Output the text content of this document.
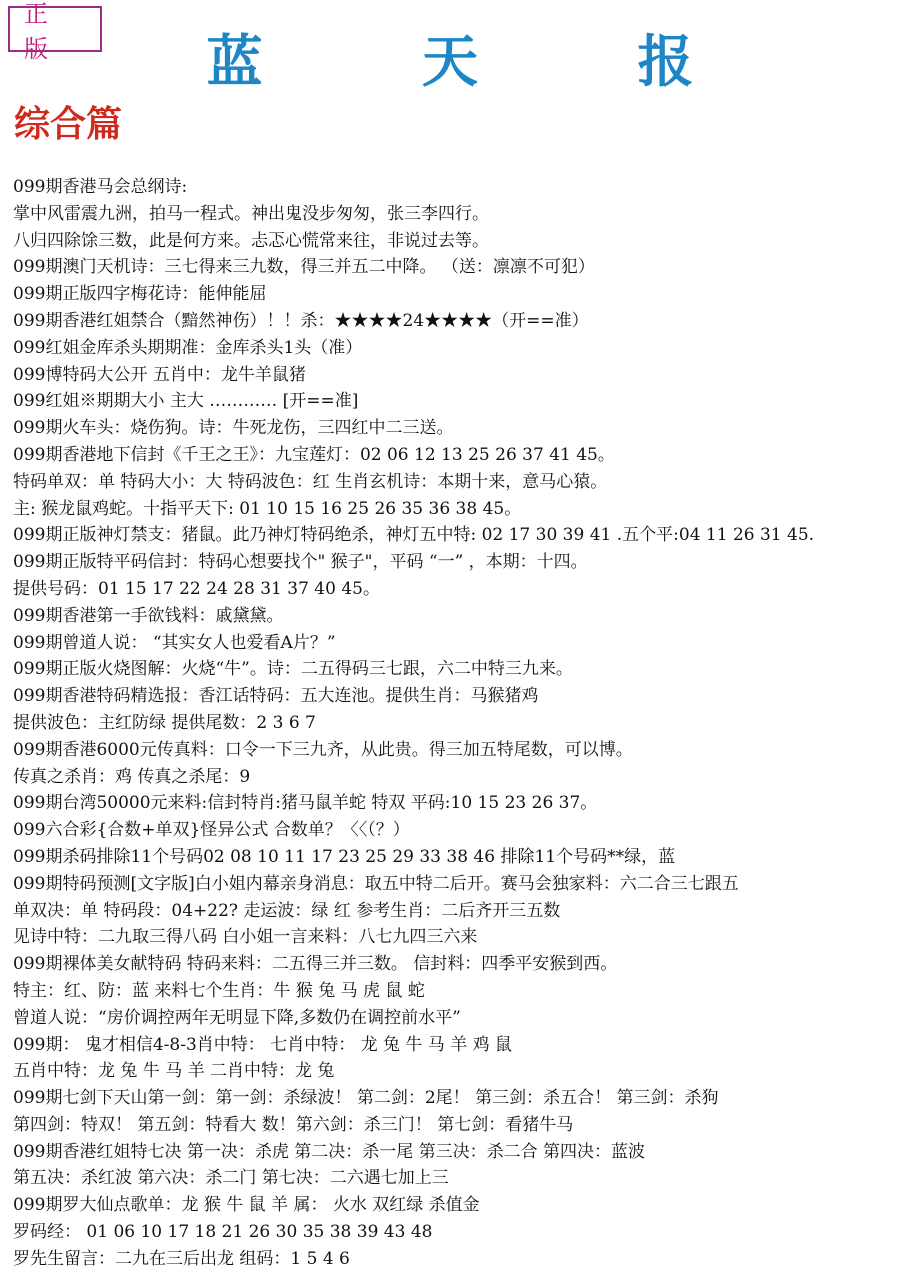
正 版	蓝 天 报
综合篇
099期香港马会总纲诗:
掌中风雷震九洲，拍马一程式。神出鬼没步匆匆，张三李四行。
八归四除馀三数，此是何方来。忐忑心慌常来往，非说过去等。
099期澳门天机诗：三七得来三九数，得三并五二中降。 （送：凛凛不可犯）
099期正版四字梅花诗：能伸能屈
099期香港红姐禁合（黯然神伤）！！杀：★★★★24★★★★（开==准）
099红姐金库杀头期期准：金库杀头1头（准）
099博特码大公开 五肖中：龙牛羊鼠猪
099红姐※期期大小 主大 ………… [开==准]
099期火车头：烧伤狗。诗：牛死龙伤，三四红中二三送。
099期香港地下信封《千王之王》：九宝莲灯：02 06 12 13 25 26 37 41 45。
特码单双：单 特码大小：大 特码波色：红 生肖玄机诗：本期十来，意马心猿。
主: 猴龙鼠鸡蛇。十指平天下: 01 10 15 16 25 26 35 36 38 45。
099期正版神灯禁支：猪鼠。此乃神灯特码绝杀，神灯五中特: 02 17 30 39 41 .五个平:04 11 26 31 45.
099期正版特平码信封：特码心想要找个" 猴子"，平码 “一” ，本期：十四。
提供号码：01 15 17 22 24 28 31 37 40 45。
099期香港第一手欲钱料：戚黛黛。
099期曾道人说： “其实女人也爱看A片？”
099期正版火烧图解：火烧“牛”。诗：二五得码三七跟，六二中特三九来。
099期香港特码精选报：香江话特码：五大连池。提供生肖：马猴猪鸡
提供波色：主红防绿 提供尾数：2 3 6 7
099期香港6000元传真料：口令一下三九齐，从此贵。得三加五特尾数，可以博。
传真之杀肖：鸡 传真之杀尾：9
099期台湾50000元来料:信封特肖:猪马鼠羊蛇 特双 平码:10 15 23 26 37。
099六合彩{合数+单双}怪异公式 合数单？〈〈（？）
099期杀码排除11个号码02 08 10 11 17 23 25 29 33 38 46 排除11个号码**绿，蓝
099期特码预测[文字版]白小姐内幕亲身消息：取五中特二后开。赛马会独家料：六二合三七跟五
单双决：单 特码段：04+22? 走运波：绿 红 参考生肖：二后齐开三五数
见诗中特：二九取三得八码 白小姐一言来料：八七九四三六来
099期裸体美女献特码 特码来料：二五得三并三数。 信封料：四季平安猴到西。
特主：红、防：蓝 来料七个生肖：牛 猴 兔 马 虎 鼠 蛇
曾道人说：“房价调控两年无明显下降,多数仍在调控前水平”
099期： 鬼才相信4-8-3肖中特： 七肖中特： 龙 兔 牛 马 羊 鸡 鼠
五肖中特：龙 兔 牛 马 羊 二肖中特：龙 兔
099期七剑下天山第一剑：第一剑：杀绿波！ 第二剑：2尾！ 第三剑：杀五合！ 第三剑：杀狗
第四剑：特双！ 第五剑：特看大 数！第六剑：杀三门！ 第七剑：看猪牛马
099期香港红姐特七决 第一决：杀虎 第二决：杀一尾 第三决：杀二合 第四决：蓝波
第五决：杀红波 第六决：杀二门 第七决：二六遇七加上三
099期罗大仙点歌单：龙 猴 牛 鼠 羊 属： 火水 双红绿 杀值金
罗码经： 01 06 10 17 18 21 26 30 35 38 39 43 48
罗先生留言：二九在三后出龙 组码：1 5 4 6
